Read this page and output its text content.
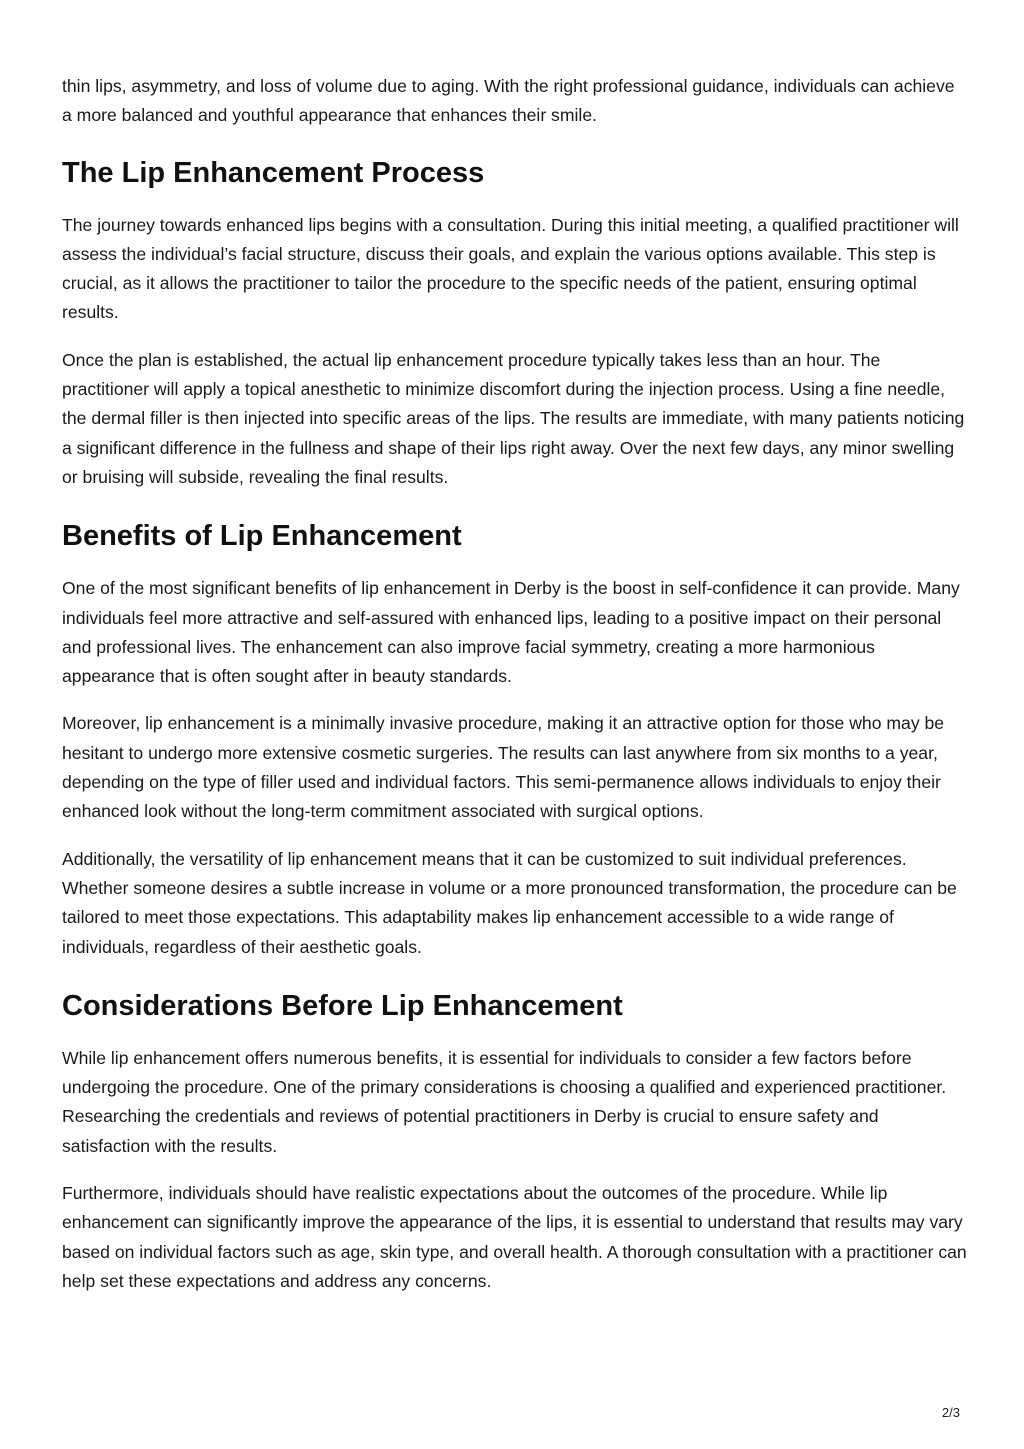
thin lips, asymmetry, and loss of volume due to aging. With the right professional guidance, individuals can achieve a more balanced and youthful appearance that enhances their smile.

The Lip Enhancement Process

The journey towards enhanced lips begins with a consultation. During this initial meeting, a qualified practitioner will assess the individual’s facial structure, discuss their goals, and explain the various options available. This step is crucial, as it allows the practitioner to tailor the procedure to the specific needs of the patient, ensuring optimal results.

Once the plan is established, the actual lip enhancement procedure typically takes less than an hour. The practitioner will apply a topical anesthetic to minimize discomfort during the injection process. Using a fine needle, the dermal filler is then injected into specific areas of the lips. The results are immediate, with many patients noticing a significant difference in the fullness and shape of their lips right away. Over the next few days, any minor swelling or bruising will subside, revealing the final results.

Benefits of Lip Enhancement

One of the most significant benefits of lip enhancement in Derby is the boost in self-confidence it can provide. Many individuals feel more attractive and self-assured with enhanced lips, leading to a positive impact on their personal and professional lives. The enhancement can also improve facial symmetry, creating a more harmonious appearance that is often sought after in beauty standards.

Moreover, lip enhancement is a minimally invasive procedure, making it an attractive option for those who may be hesitant to undergo more extensive cosmetic surgeries. The results can last anywhere from six months to a year, depending on the type of filler used and individual factors. This semi-permanence allows individuals to enjoy their enhanced look without the long-term commitment associated with surgical options.

Additionally, the versatility of lip enhancement means that it can be customized to suit individual preferences. Whether someone desires a subtle increase in volume or a more pronounced transformation, the procedure can be tailored to meet those expectations. This adaptability makes lip enhancement accessible to a wide range of individuals, regardless of their aesthetic goals.

Considerations Before Lip Enhancement

While lip enhancement offers numerous benefits, it is essential for individuals to consider a few factors before undergoing the procedure. One of the primary considerations is choosing a qualified and experienced practitioner. Researching the credentials and reviews of potential practitioners in Derby is crucial to ensure safety and satisfaction with the results.

Furthermore, individuals should have realistic expectations about the outcomes of the procedure. While lip enhancement can significantly improve the appearance of the lips, it is essential to understand that results may vary based on individual factors such as age, skin type, and overall health. A thorough consultation with a practitioner can help set these expectations and address any concerns.

2/3
